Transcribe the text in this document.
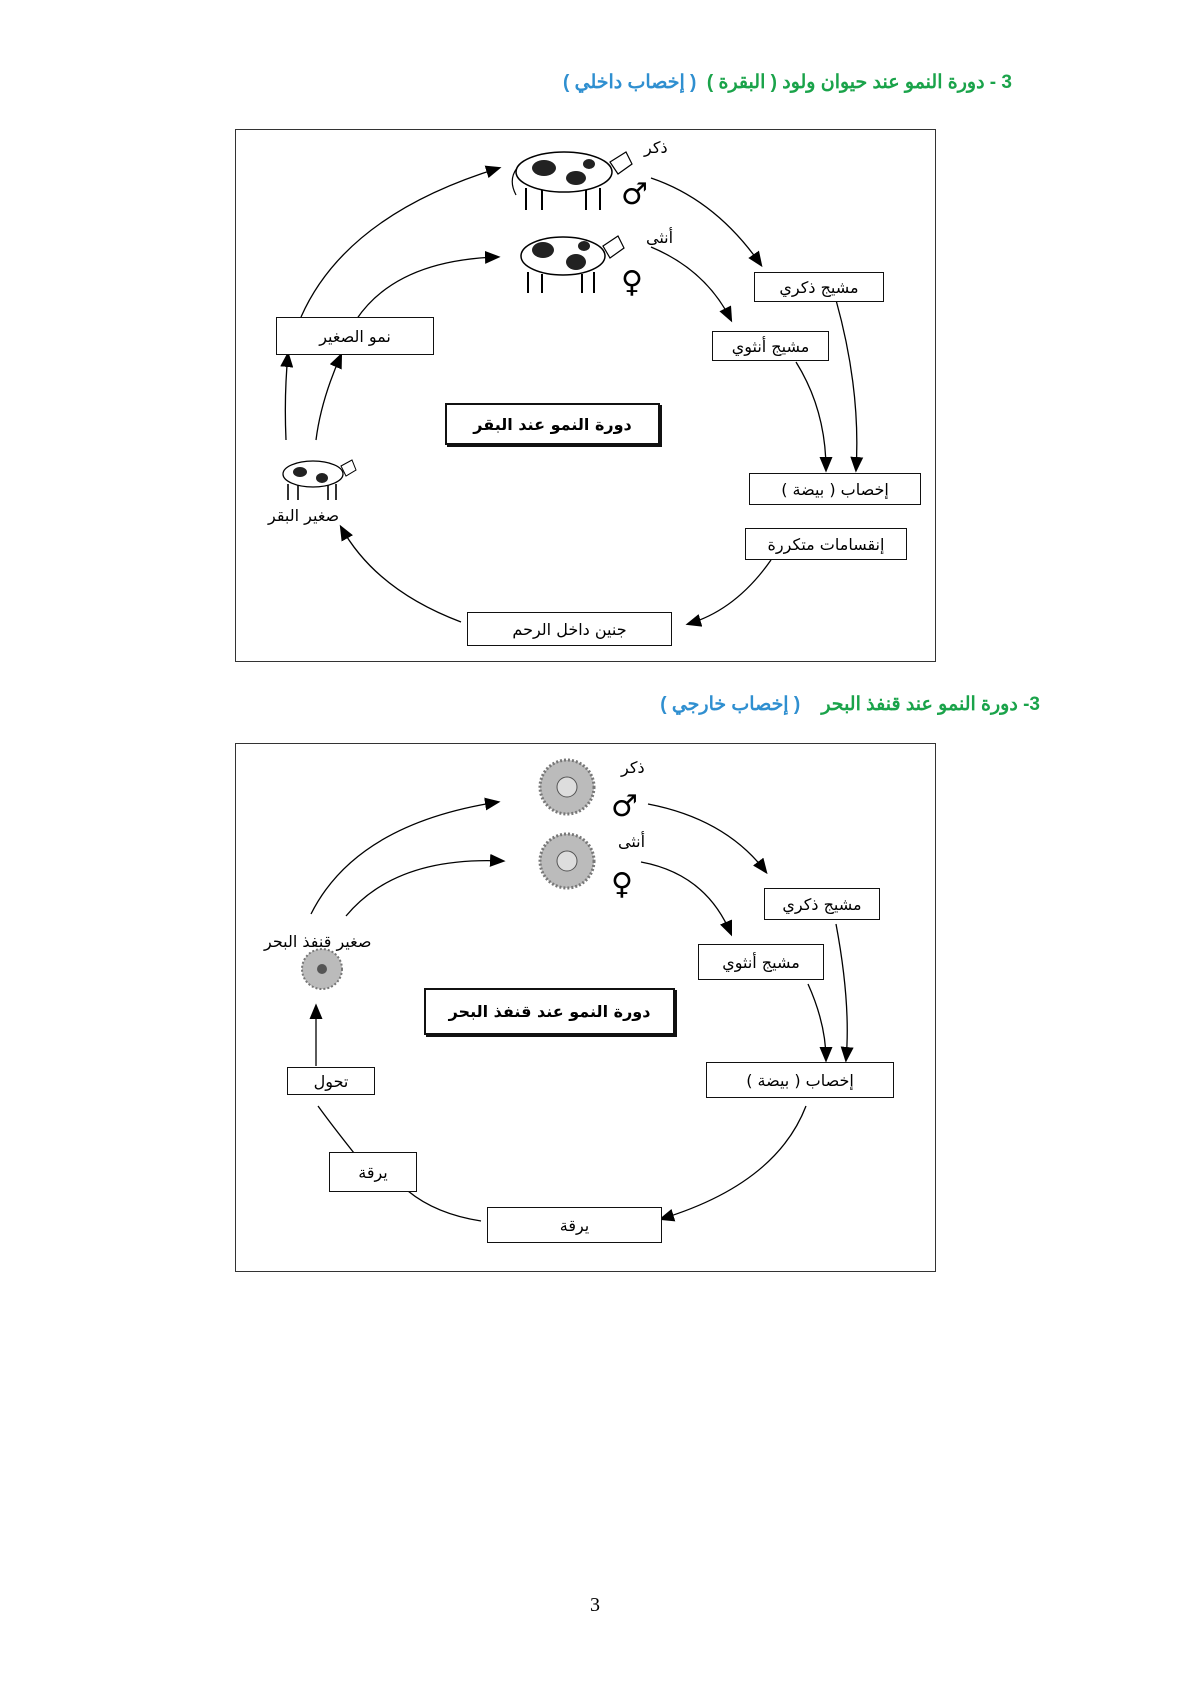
3 - دورة النمو عند حيوان ولود ( البقرة )  ( إخصاب داخلي )
ذكر
♂
أنثى
♀	مشيج ذكري
مشيج أنثوي
دورة النمو عند البقر
إخصاب ( بيضة )
إنقسامات متكررة
جنين داخل الرحم
نمو الصغير
صغير البقر
3- دورة النمو عند قنفذ البحر    ( إخصاب خارجي )
ذكر
♂
أنثى
♀
مشيج ذكري
مشيج أنثوي
صغير قنفذ البحر
دورة النمو عند قنفذ البحر
إخصاب ( بيضة )
تحول
يرقة
يرقة
3
